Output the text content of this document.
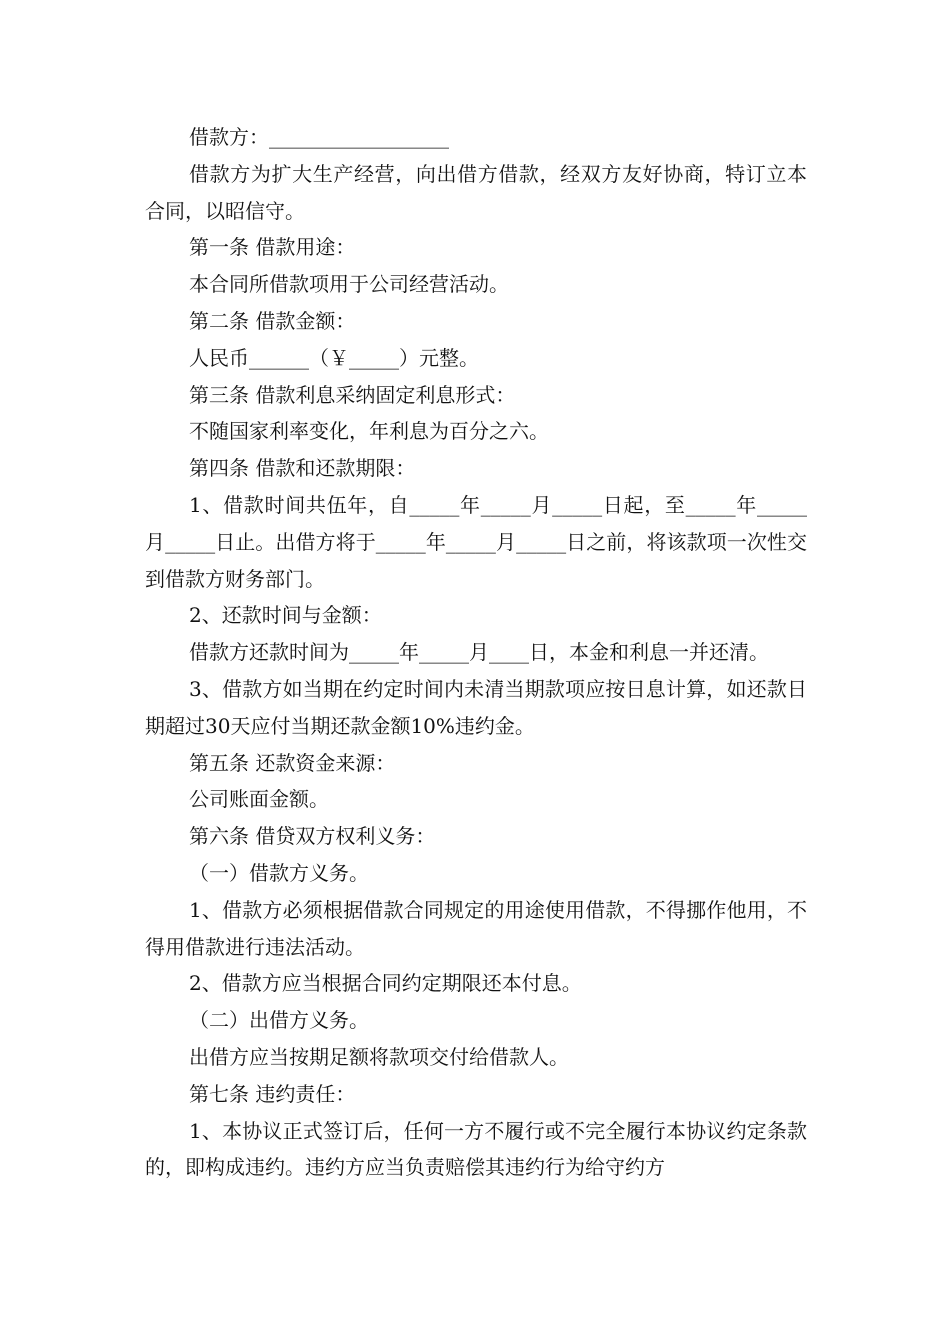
借款方：__________________

借款方为扩大生产经营，向出借方借款，经双方友好协商，特订立本合同，以昭信守。

第一条 借款用途：

本合同所借款项用于公司经营活动。

第二条 借款金额：

人民币______（￥_____）元整。

第三条 借款利息采纳固定利息形式：

不随国家利率变化，年利息为百分之六。

第四条 借款和还款期限：

1、借款时间共伍年，自_____年_____月_____日起，至_____年_____月_____日止。出借方将于_____年_____月_____日之前，将该款项一次性交到借款方财务部门。

2、还款时间与金额：

借款方还款时间为_____年_____月____日，本金和利息一并还清。

3、借款方如当期在约定时间内未清当期款项应按日息计算，如还款日期超过30天应付当期还款金额10%违约金。

第五条 还款资金来源：

公司账面金额。

第六条 借贷双方权利义务：

（一）借款方义务。

1、借款方必须根据借款合同规定的用途使用借款，不得挪作他用，不得用借款进行违法活动。

2、借款方应当根据合同约定期限还本付息。

（二）出借方义务。

出借方应当按期足额将款项交付给借款人。

第七条 违约责任：

1、本协议正式签订后，任何一方不履行或不完全履行本协议约定条款的，即构成违约。违约方应当负责赔偿其违约行为给守约方
